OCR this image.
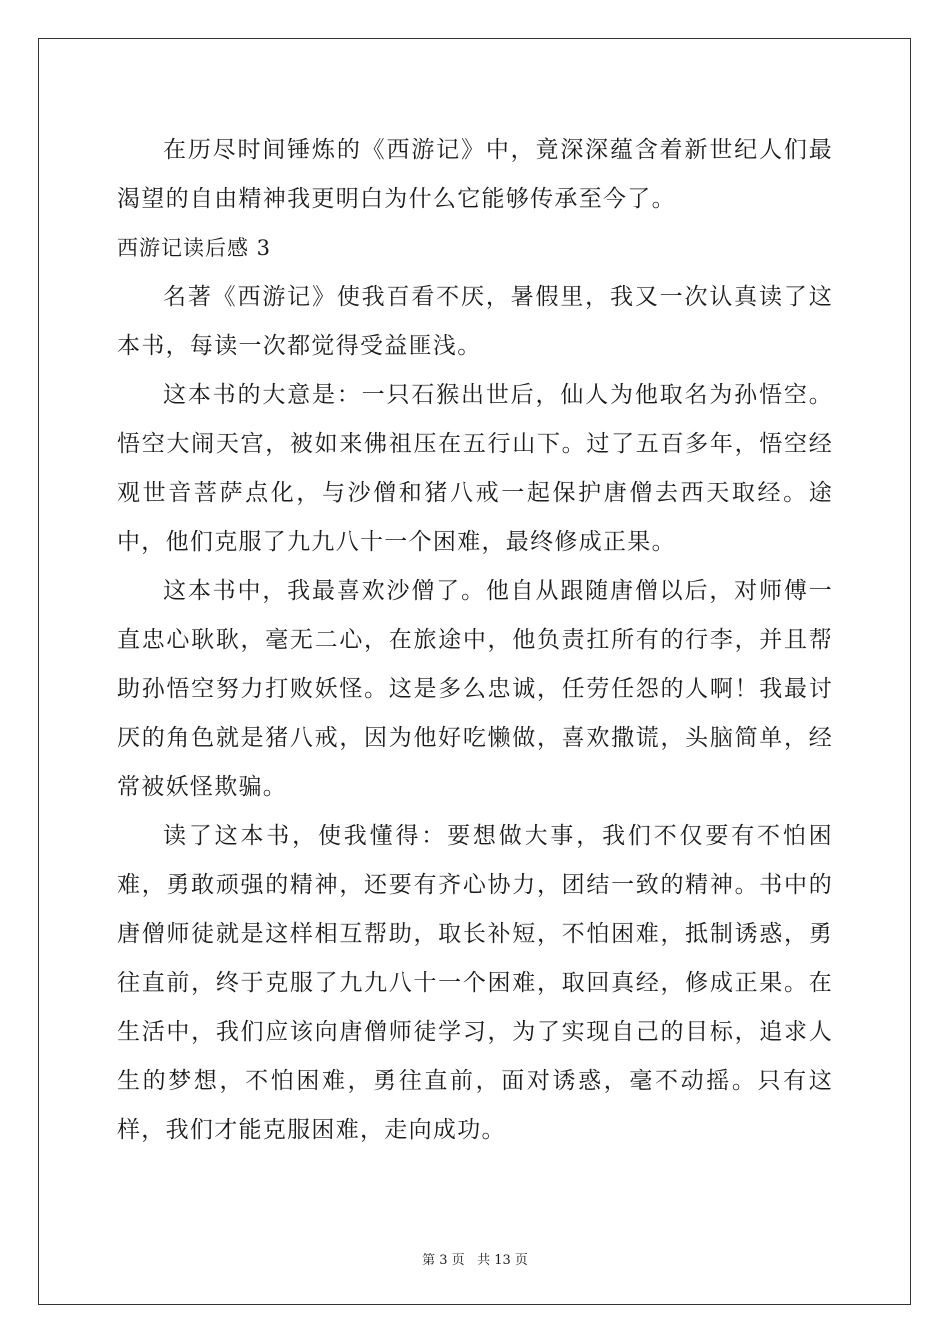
在历尽时间锤炼的《西游记》中，竟深深蕴含着新世纪人们最渴望的自由精神我更明白为什么它能够传承至今了。

西游记读后感 3

名著《西游记》使我百看不厌，暑假里，我又一次认真读了这本书，每读一次都觉得受益匪浅。

这本书的大意是：一只石猴出世后，仙人为他取名为孙悟空。悟空大闹天宫，被如来佛祖压在五行山下。过了五百多年，悟空经观世音菩萨点化，与沙僧和猪八戒一起保护唐僧去西天取经。途中，他们克服了九九八十一个困难，最终修成正果。

这本书中，我最喜欢沙僧了。他自从跟随唐僧以后，对师傅一直忠心耿耿，毫无二心，在旅途中，他负责扛所有的行李，并且帮助孙悟空努力打败妖怪。这是多么忠诚，任劳任怨的人啊！我最讨厌的角色就是猪八戒，因为他好吃懒做，喜欢撒谎，头脑简单，经常被妖怪欺骗。

读了这本书，使我懂得：要想做大事，我们不仅要有不怕困难，勇敢顽强的精神，还要有齐心协力，团结一致的精神。书中的唐僧师徒就是这样相互帮助，取长补短，不怕困难，抵制诱惑，勇往直前，终于克服了九九八十一个困难，取回真经，修成正果。在生活中，我们应该向唐僧师徒学习，为了实现自己的目标，追求人生的梦想，不怕困难，勇往直前，面对诱惑，毫不动摇。只有这样，我们才能克服困难，走向成功。

第 3 页 共 13 页
